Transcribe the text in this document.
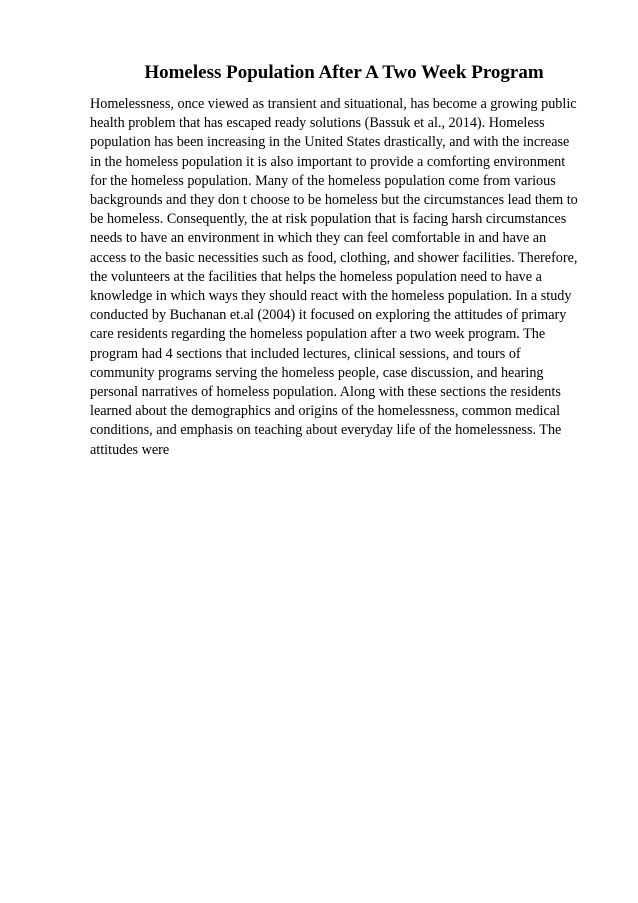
Homeless Population After A Two Week Program
Homelessness, once viewed as transient and situational, has become a growing public
health problem that has escaped ready solutions (Bassuk et al., 2014). Homeless
population has been increasing in the United States drastically, and with the increase
in the homeless population it is also important to provide a comforting environment
for the homeless population. Many of the homeless population come from various
backgrounds and they don t choose to be homeless but the circumstances lead them to
be homeless. Consequently, the at risk population that is facing harsh circumstances
needs to have an environment in which they can feel comfortable in and have an
access to the basic necessities such as food, clothing, and shower facilities. Therefore,
the volunteers at the facilities that helps the homeless population need to have a
knowledge in which ways they should react with the homeless population. In a study
conducted by Buchanan et.al (2004) it focused on exploring the attitudes of primary
care residents regarding the homeless population after a two week program. The
program had 4 sections that included lectures, clinical sessions, and tours of
community programs serving the homeless people, case discussion, and hearing
personal narratives of homeless population. Along with these sections the residents
learned about the demographics and origins of the homelessness, common medical
conditions, and emphasis on teaching about everyday life of the homelessness. The
attitudes were
